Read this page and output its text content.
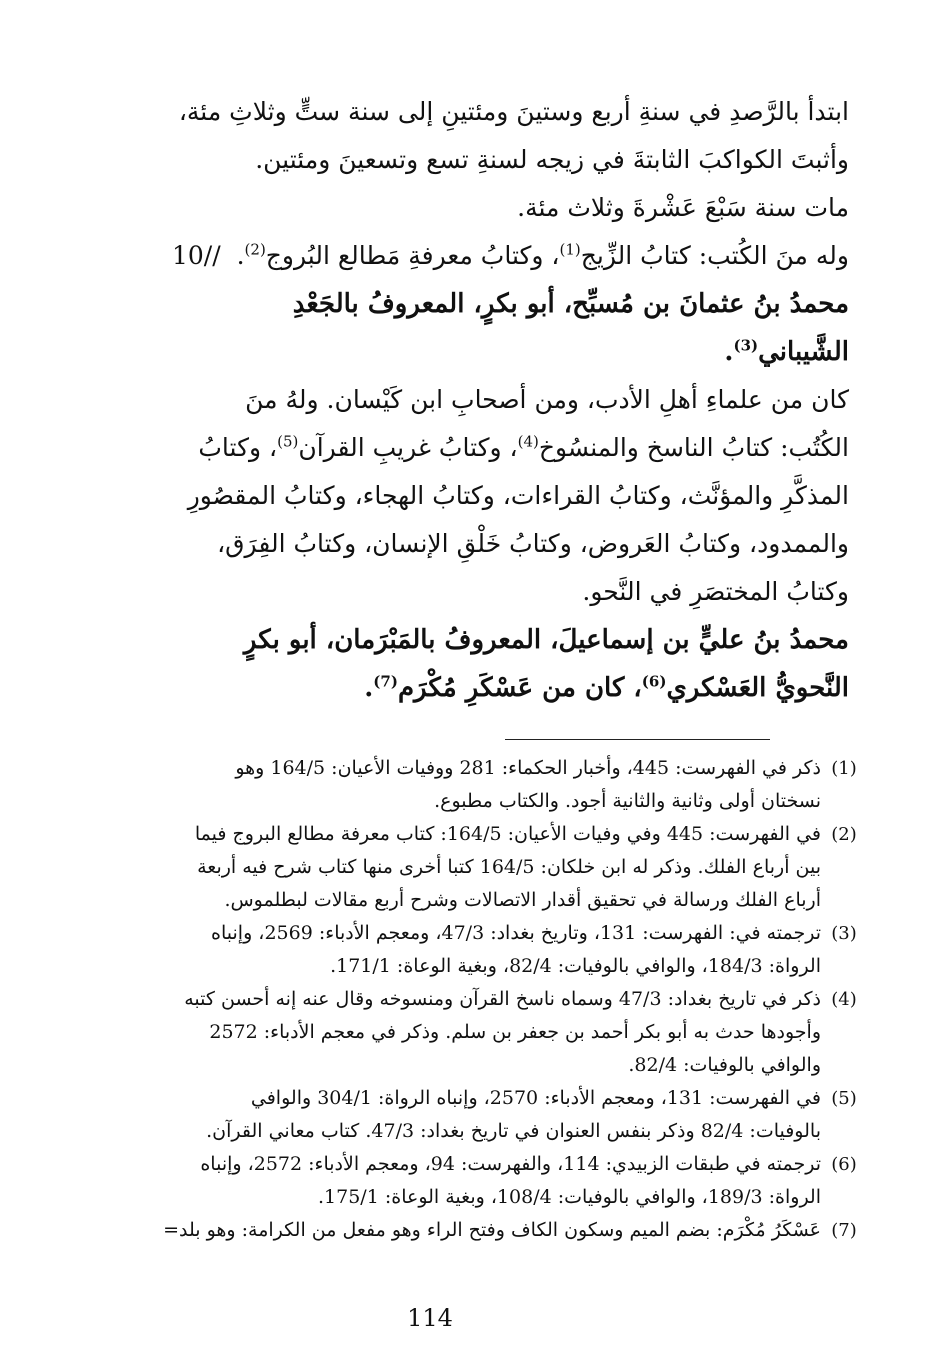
ابتدأ بالرَّصدِ في سنةِ أربع وستينَ ومئتينِ إلى سنة ستٍّ وثلاثِ مئة،
وأثبتَ الكواكبَ الثابتةَ في زيجه لسنةِ تسع وتسعينَ ومئتين.

مات سنة سَبْعَ عَشْرةَ وثلاث مئة.

وله منَ الكُتب: كتابُ الزِّيج$^{(1)}$، وكتابُ معرفةِ مَطالع البُروج$^{(2)}$.  10//

محمدُ بنُ عثمانَ بن مُسبِّح، أبو بكرٍ، المعروفُ بالجَعْدِ
الشَّيباني$^{(3)}$.

كان من علماءِ أهلِ الأدب، ومن أصحابِ ابن كَيْسان. ولهُ منَ
الكُتُب: كتابُ الناسخ والمنسُوخ$^{(4)}$، وكتابُ غريبِ القرآن$^{(5)}$، وكتابُ
المذكَّرِ والمؤنَّث، وكتابُ القراءات، وكتابُ الهجاء، وكتابُ المقصُورِ
والممدود، وكتابُ العَروض، وكتابُ خَلْقِ الإنسان، وكتابُ الفِرَق،
وكتابُ المختصَرِ في النَّحو.

محمدُ بنُ عليٍّ بن إسماعيلَ، المعروفُ بالمَبْرَمان، أبو بكرٍ
النَّحويُّ العَسْكري$^{(6)}$، كان من عَسْكَرِ مُكْرَم$^{(7)}$.

(1)
ذكر في الفهرست: 445، وأخبار الحكماء: 281 ووفيات الأعيان: 164/5 وهو
نسختان أولى وثانية والثانية أجود. والكتاب مطبوع.
(2)
في الفهرست: 445 وفي وفيات الأعيان: 164/5: كتاب معرفة مطالع البروج فيما
بين أرباع الفلك. وذكر له ابن خلكان: 164/5 كتبا أخرى منها كتاب شرح فيه أربعة
أرباع الفلك ورسالة في تحقيق أقدار الاتصالات وشرح أربع مقالات لبطلموس.
(3)
ترجمته في: الفهرست: 131، وتاريخ بغداد: 47/3، ومعجم الأدباء: 2569، وإنباه
الرواة: 184/3، والوافي بالوفيات: 82/4، وبغية الوعاة: 171/1.
(4)
ذكر في تاريخ بغداد: 47/3 وسماه ناسخ القرآن ومنسوخه وقال عنه إنه أحسن كتبه
وأجودها حدث به أبو بكر أحمد بن جعفر بن سلم. وذكر في معجم الأدباء: 2572
والوافي بالوفيات: 82/4.
(5)
في الفهرست: 131، ومعجم الأدباء: 2570، وإنباه الرواة: 304/1 والوافي
بالوفيات: 82/4 وذكر بنفس العنوان في تاريخ بغداد: 47/3. كتاب معاني القرآن.
(6)
ترجمته في طبقات الزبيدي: 114، والفهرست: 94، ومعجم الأدباء: 2572، وإنباه
الرواة: 189/3، والوافي بالوفيات: 108/4، وبغية الوعاة: 175/1.
(7)
عَسْكَرُ مُكْرَم: بضم الميم وسكون الكاف وفتح الراء وهو مفعل من الكرامة: وهو بلد=
114
